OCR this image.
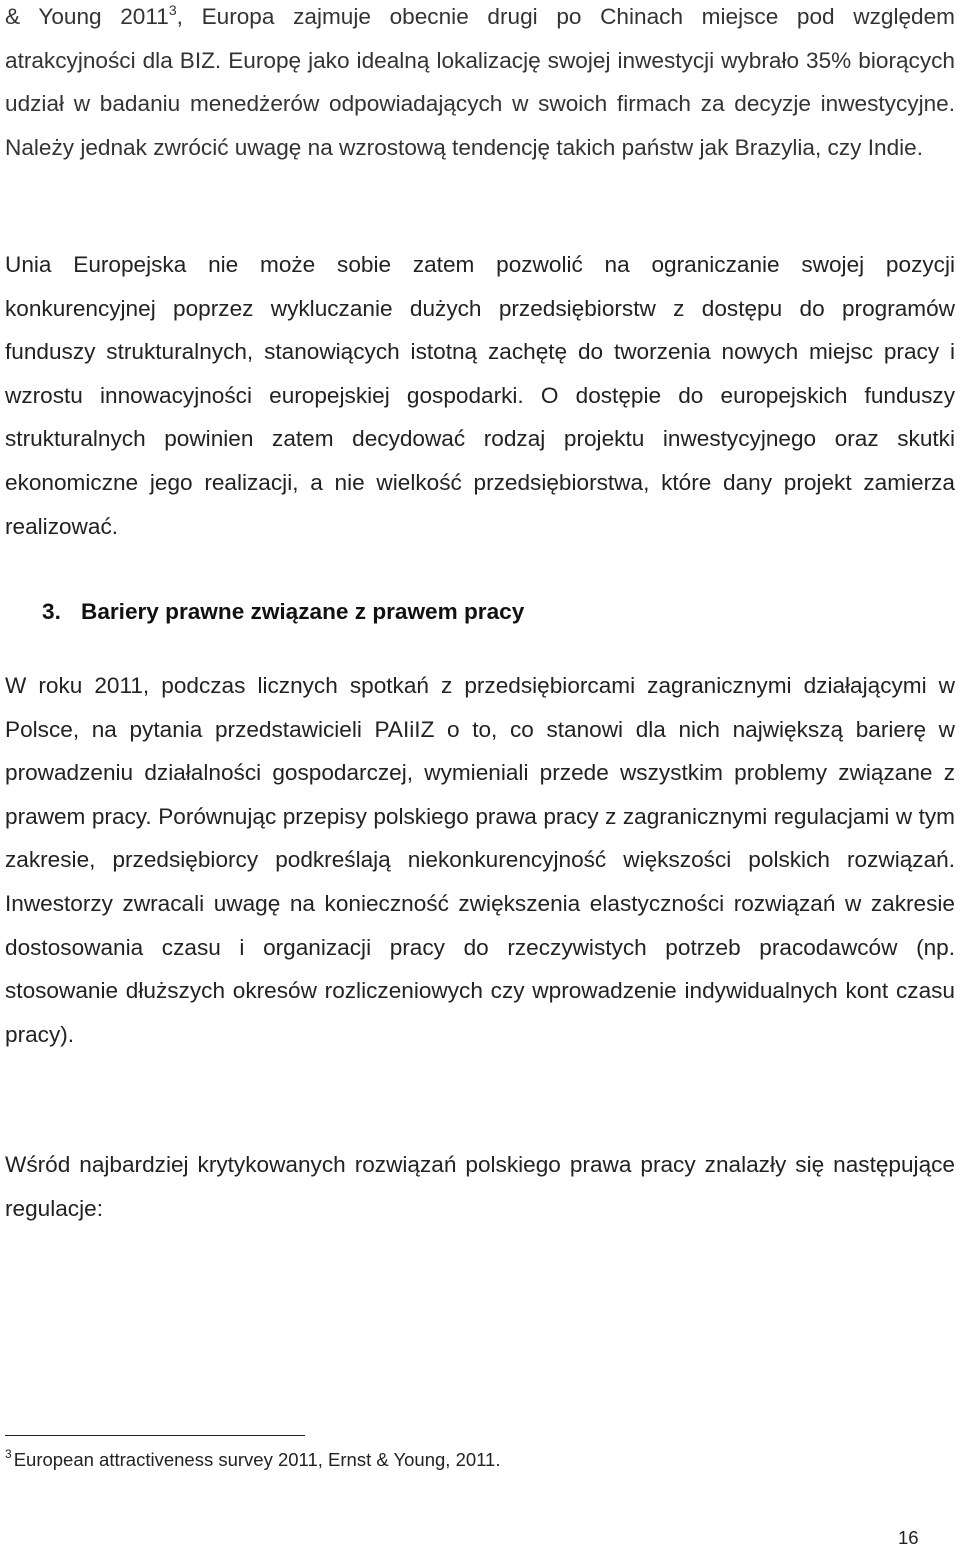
& Young 2011$^3$, Europa zajmuje obecnie drugi po Chinach miejsce pod względem atrakcyjności dla BIZ. Europę jako idealną lokalizację swojej inwestycji wybrało 35% biorących udział w badaniu menedżerów odpowiadających w swoich firmach za decyzje inwestycyjne. Należy jednak zwrócić uwagę na wzrostową tendencję takich państw jak Brazylia, czy Indie.

Unia Europejska nie może sobie zatem pozwolić na ograniczanie swojej pozycji konkurencyjnej poprzez wykluczanie dużych przedsiębiorstw z dostępu do programów funduszy strukturalnych, stanowiących istotną zachętę do tworzenia nowych miejsc pracy i wzrostu innowacyjności europejskiej gospodarki. O dostępie do europejskich funduszy strukturalnych powinien zatem decydować rodzaj projektu inwestycyjnego oraz skutki ekonomiczne jego realizacji, a nie wielkość przedsiębiorstwa, które dany projekt zamierza realizować.

3. Bariery prawne związane z prawem pracy

W roku 2011, podczas licznych spotkań z przedsiębiorcami zagranicznymi działającymi w Polsce, na pytania przedstawicieli PAIiIZ o to, co stanowi dla nich największą barierę w prowadzeniu działalności gospodarczej, wymieniali przede wszystkim problemy związane z prawem pracy. Porównując przepisy polskiego prawa pracy z zagranicznymi regulacjami w tym zakresie, przedsiębiorcy podkreślają niekonkurencyjność większości polskich rozwiązań. Inwestorzy zwracali uwagę na konieczność zwiększenia elastyczności rozwiązań w zakresie dostosowania czasu i organizacji pracy do rzeczywistych potrzeb pracodawców (np. stosowanie dłuższych okresów rozliczeniowych czy wprowadzenie indywidualnych kont czasu pracy).

Wśród najbardziej krytykowanych rozwiązań polskiego prawa pracy znalazły się następujące regulacje:

$^3$ European attractiveness survey 2011, Ernst & Young, 2011.

16
